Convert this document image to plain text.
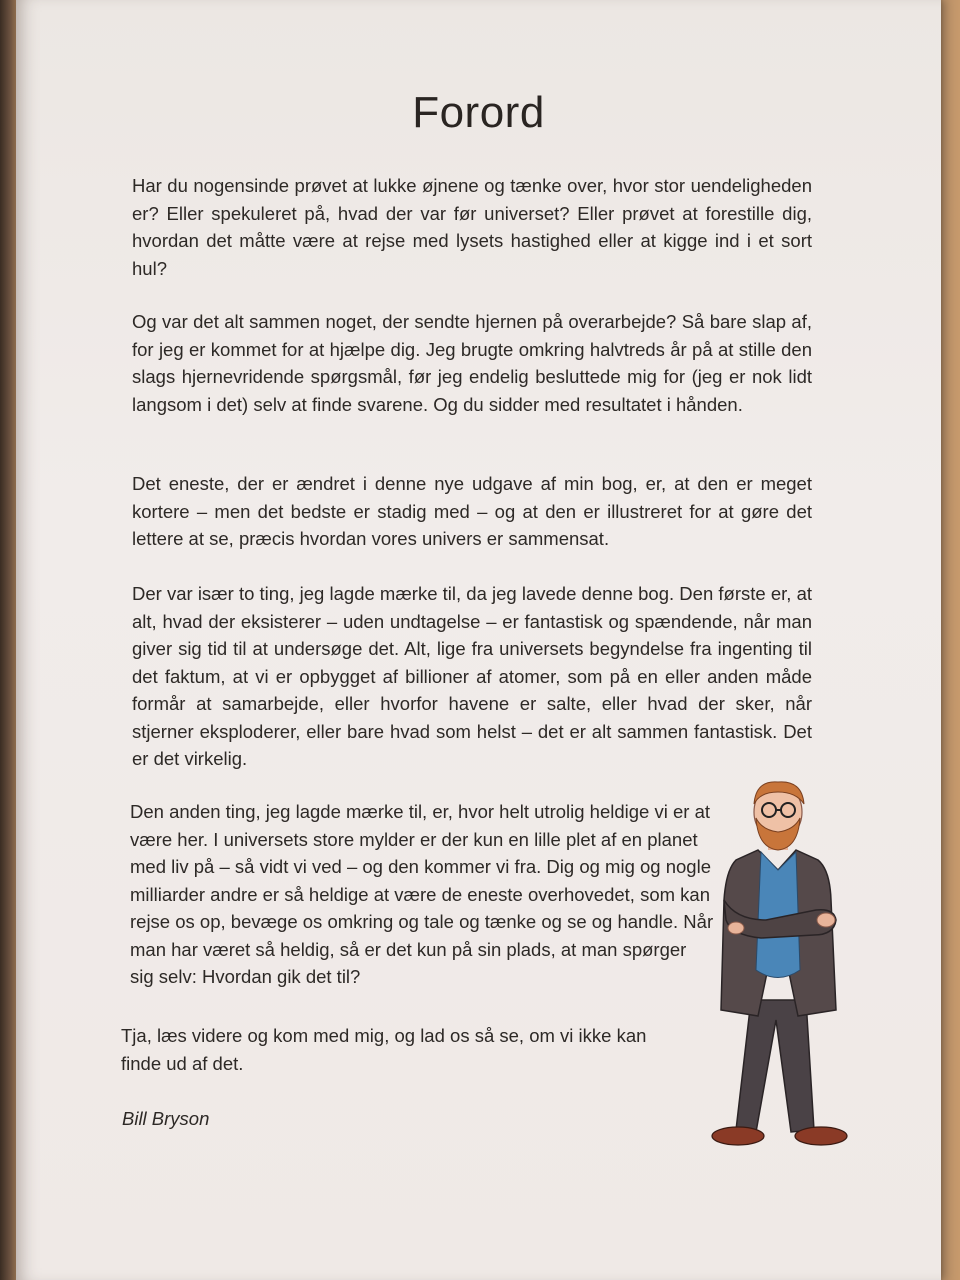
Forord

Har du nogensinde prøvet at lukke øjnene og tænke over, hvor stor uendeligheden er? Eller spekuleret på, hvad der var før universet? Eller prøvet at forestille dig, hvordan det måtte være at rejse med lysets hastighed eller at kigge ind i et sort hul?

Og var det alt sammen noget, der sendte hjernen på overarbejde? Så bare slap af, for jeg er kommet for at hjælpe dig. Jeg brugte omkring halvtreds år på at stille den slags hjernevridende spørgsmål, før jeg endelig besluttede mig for (jeg er nok lidt langsom i det) selv at finde svarene. Og du sidder med resultatet i hånden.

Det eneste, der er ændret i denne nye udgave af min bog, er, at den er meget kortere – men det bedste er stadig med – og at den er illustreret for at gøre det lettere at se, præcis hvordan vores univers er sammensat.

Der var især to ting, jeg lagde mærke til, da jeg lavede denne bog. Den første er, at alt, hvad der eksisterer – uden undtagelse – er fantastisk og spændende, når man giver sig tid til at undersøge det. Alt, lige fra universets begyndelse fra ingenting til det faktum, at vi er opbygget af billioner af atomer, som på en eller anden måde formår at samarbejde, eller hvorfor havene er salte, eller hvad der sker, når stjerner eksploderer, eller bare hvad som helst – det er alt sammen fantastisk. Det er det virkelig.

Den anden ting, jeg lagde mærke til, er, hvor helt utrolig heldige vi er at være her. I universets store mylder er der kun en lille plet af en planet med liv på – så vidt vi ved – og den kommer vi fra. Dig og mig og nogle milliarder andre er så heldige at være de eneste overhovedet, som kan rejse os op, bevæge os omkring og tale og tænke og se og handle. Når man har været så heldig, så er det kun på sin plads, at man spørger sig selv: Hvordan gik det til?

Tja, læs videre og kom med mig, og lad os så se, om vi ikke kan finde ud af det.

Bill Bryson
